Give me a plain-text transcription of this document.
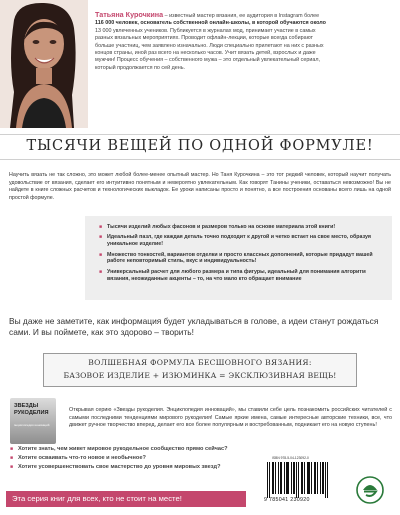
Татьяна Курочкина – известный мастер вязания, ее аудитория в Instagram более
116 000 человек, основатель собственной онлайн-школы, в которой обучаются около
13 000 увлеченных учеников. Публикуется в журналах мод, принимает участие в самых
разных вязальных мероприятиях. Проводит офлайн-лекции, которые всегда собирают
больше участниц, чем заявлено изначально. Люди специально прилетают на них с разных
концов страны, иной раз всего на несколько часов. Учит вязать детей, взрослых и даже
мужчин! Процесс обучения – собственного мужа – это отдельный увлекательный сериал,
который продолжается по сей день.
ТЫСЯЧИ ВЕЩЕЙ ПО ОДНОЙ ФОРМУЛЕ!
Научить вязать не так сложно, это может любой более-менее опытный мастер. Но Таня Курочкина – это тот редкий человек, который научит получать удовольствие от вязания, сделает его интуитивно понятным и невероятно увлекательным. Как говорят Танины ученики, оставаться невозможно! Вы не найдете в книге сложных расчетов и технологических выкладок. Ее уроки написаны просто и понятно, а все построения основаны всего лишь на одной простой формуле.
■ Тысячи изделий любых фасонов и размеров только на основе материала этой книги!
■ Идеальный пазл, где каждая деталь точно подходит к другой и четко встает на свое место, образуя уникальное изделие!
■ Множество тонкостей, вариантов отделки и просто классных дополнений, которые придадут вашей работе неповторимый стиль, вкус и индивидуальность!
■ Универсальный расчет для любого размера и типа фигуры, идеальный для понимания алгоритм вязания, неожиданные акценты – то, на что мало кто обращает внимание
Вы даже не заметите, как информация будет укладываться в голове, а идеи станут рождаться сами. И вы поймете, как это здорово – творить!
ВОЛШЕБНАЯ ФОРМУЛА БЕСШОВНОГО ВЯЗАНИЯ:
БАЗОВОЕ ИЗДЕЛИЕ + ИЗЮМИНКА = ЭКСКЛЮЗИВНАЯ ВЕЩЬ!
ЗВЕЗДЫ
РУКОДЕЛИЯ
энциклопедия инноваций
Открывая серию «Звезды рукоделия. Энциклопедия инноваций», мы ставили себе цель познакомить российских читателей с самыми последними тенденциями мирового рукоделия! Самые яркие имена, самые интересные авторские техники, все, что движет ручное творчество вперед, делает его все более популярным и востребованным, подникает его на новую ступень!
■ Хотите знать, чем живет мировое рукодельное сообщество прямо сейчас?
■ Хотите осваивать что-то новое и необычное?
■ Хотите усовершенствовать свое мастерство до уровня мировых звезд?
Эта серия книг для всех, кто не стоит на месте!
ISBN 978-5-04-123092-0
9 785041 230920
